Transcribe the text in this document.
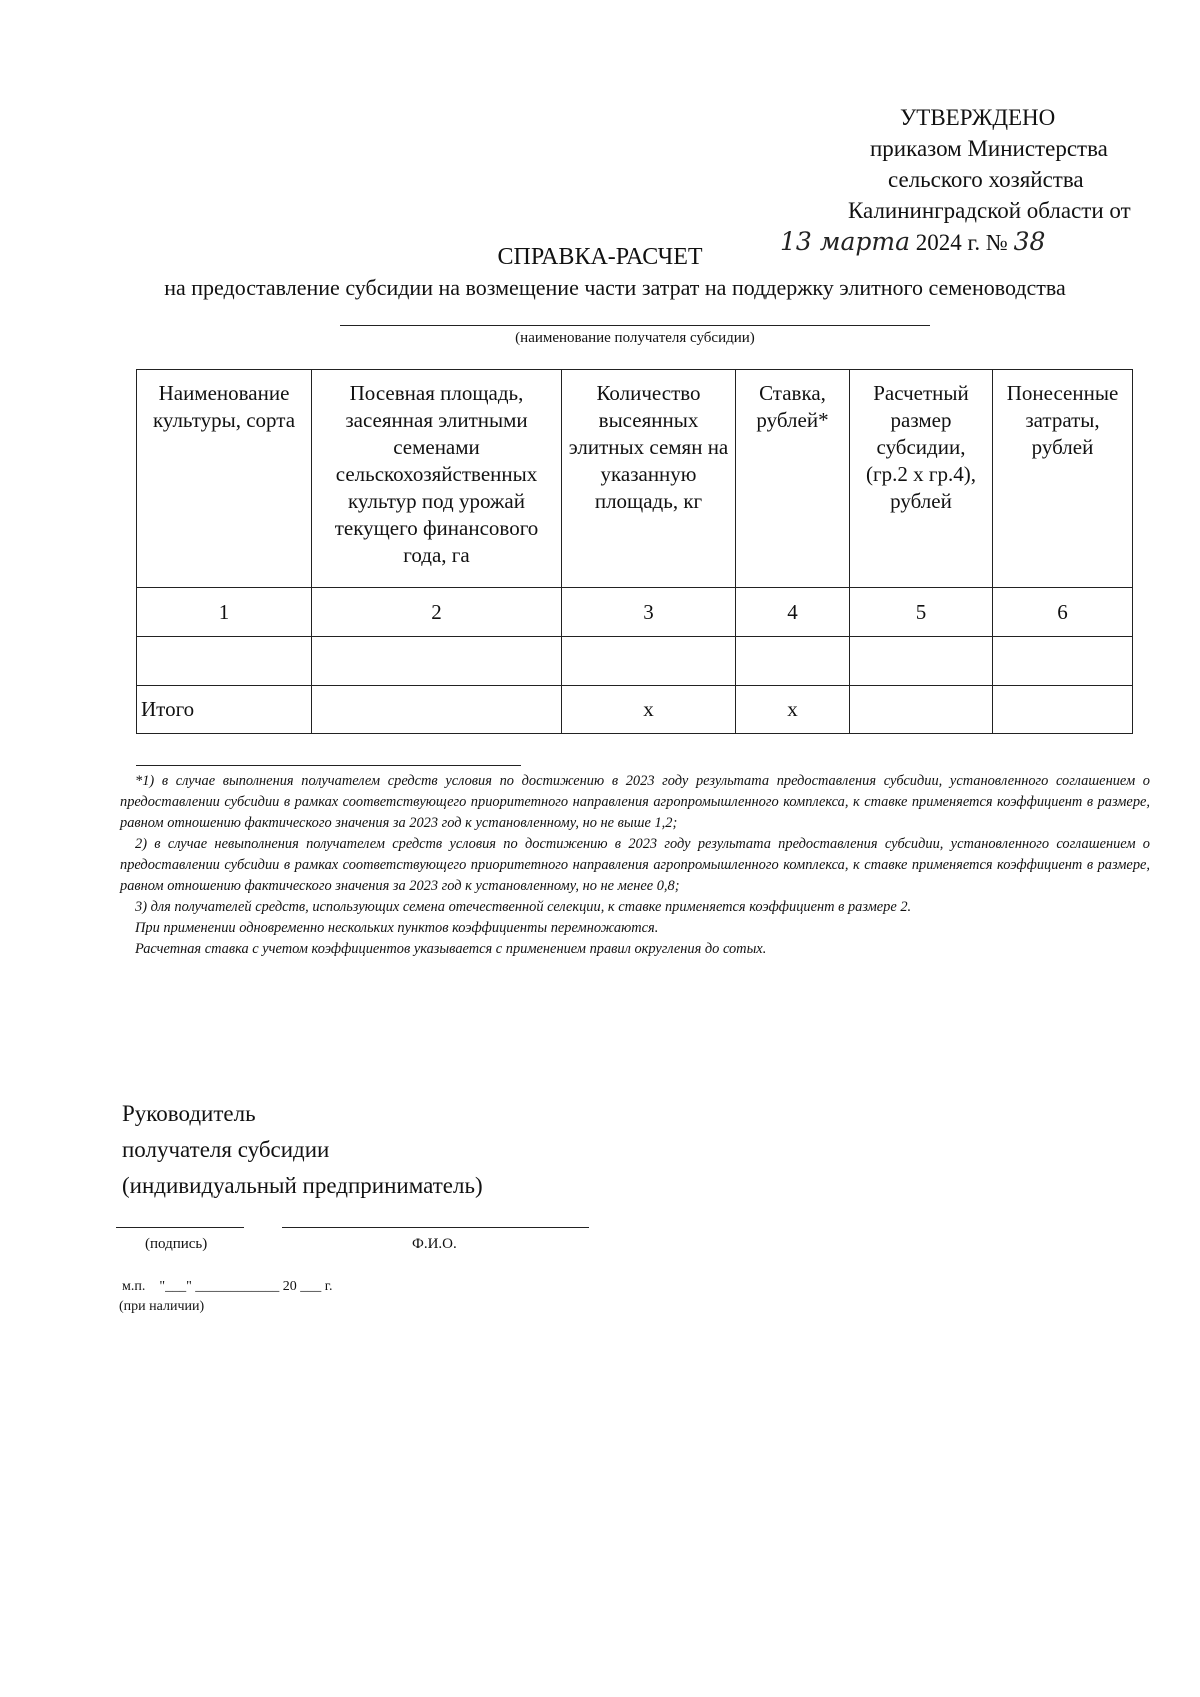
УТВЕРЖДЕНО
приказом Министерства
сельского хозяйства
Калининградской области от
13 марта 2024 г. № 38
СПРАВКА-РАСЧЕТ
на предоставление субсидии на возмещение части затрат на поддержку элитного семеноводства
(наименование получателя субсидии)
Наименование культуры, сорта	Посевная площадь, засеянная элитными семенами сельскохозяйственных культур под урожай текущего финансового года, га	Количество высеянных элитных семян на указанную площадь, кг	Ставка, рублей*	Расчетный размер субсидии, (гр.2 х гр.4), рублей	Понесенные затраты, рублей
1	2	3	4	5	6

Итого		x	x		

*1) в случае выполнения получателем средств условия по достижению в 2023 году результата предоставления субсидии, установленного соглашением о предоставлении субсидии в рамках соответствующего приоритетного направления агропромышленного комплекса, к ставке применяется коэффициент в размере, равном отношению фактического значения за 2023 год к установленному, но не выше 1,2;

2) в случае невыполнения получателем средств условия по достижению в 2023 году результата предоставления субсидии, установленного соглашением о предоставлении субсидии в рамках соответствующего приоритетного направления агропромышленного комплекса, к ставке применяется коэффициент в размере, равном отношению фактического значения за 2023 год к установленному, но не менее 0,8;

3) для получателей средств, использующих семена отечественной селекции, к ставке применяется коэффициент в размере 2.

При применении одновременно нескольких пунктов коэффициенты перемножаются.

Расчетная ставка с учетом коэффициентов указывается с применением правил округления до сотых.

Руководитель
получателя субсидии
(индивидуальный предприниматель)
(подпись)	Ф.И.О.
м.п.    "___" ____________ 20 ___ г.
(при наличии)
